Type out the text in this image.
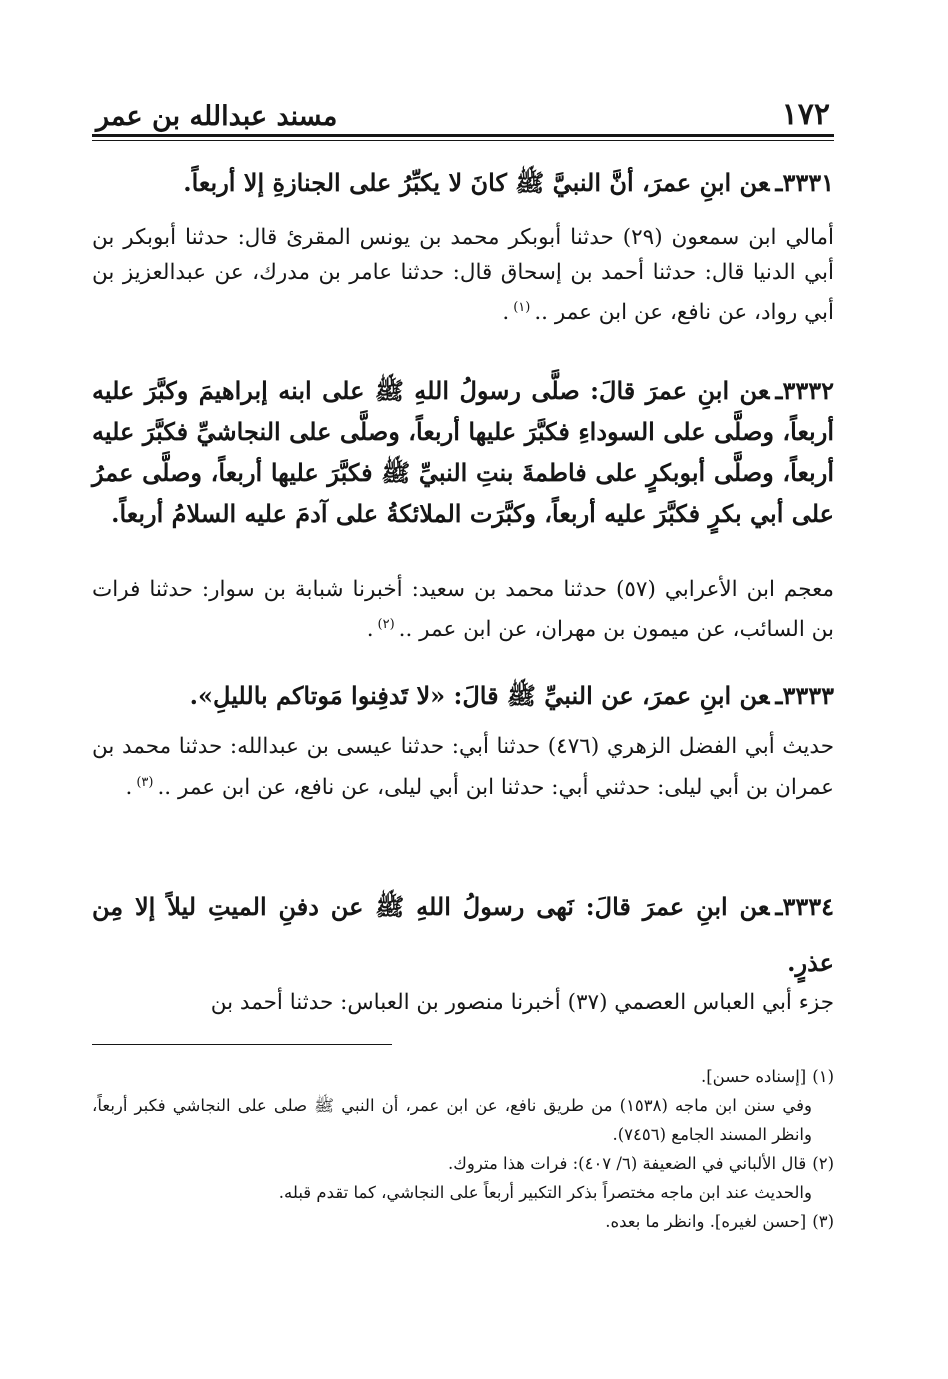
١٧٢
مسند عبدالله بن عمر

٣٣٣١ـعن ابنِ عمرَ، أنَّ النبيَّ ﷺ كانَ لا يكبِّرُ على الجنازةِ إلا أربعاً.

أمالي ابن سمعون (٢٩) حدثنا أبوبكر محمد بن يونس المقرئ قال: حدثنا أبوبكر بن أبي الدنيا قال: حدثنا أحمد بن إسحاق قال: حدثنا عامر بن مدرك، عن عبدالعزيز بن أبي رواد، عن نافع، عن ابن عمر ..$^{(١)}$.

٣٣٣٢ـعن ابنِ عمرَ قالَ: صلَّى رسولُ اللهِ ﷺ على ابنه إبراهيمَ وكبَّرَ عليه أربعاً، وصلَّى على السوداءِ فكبَّرَ عليها أربعاً، وصلَّى على النجاشيِّ فكبَّرَ عليه أربعاً، وصلَّى أبوبكرٍ على فاطمةَ بنتِ النبيِّ ﷺ فكبَّرَ عليها أربعاً، وصلَّى عمرُ على أبي بكرٍ فكبَّرَ عليه أربعاً، وكبَّرَت الملائكةُ على آدمَ عليه السلامُ أربعاً.

معجم ابن الأعرابي (٥٧) حدثنا محمد بن سعيد: أخبرنا شبابة بن سوار: حدثنا فرات بن السائب، عن ميمون بن مهران، عن ابن عمر ..$^{(٢)}$.

٣٣٣٣ـعن ابنِ عمرَ، عن النبيِّ ﷺ قالَ: «لا تَدفِنوا مَوتاكم بالليلِ».

حديث أبي الفضل الزهري (٤٧٦) حدثنا أبي: حدثنا عيسى بن عبدالله: حدثنا محمد بن عمران بن أبي ليلى: حدثني أبي: حدثنا ابن أبي ليلى، عن نافع، عن ابن عمر ..$^{(٣)}$.

٣٣٣٤ـعن ابنِ عمرَ قالَ: نَهى رسولُ اللهِ ﷺ عن دفنِ الميتِ ليلاً إلا مِن عذرٍ.

جزء أبي العباس العصمي (٣٧) أخبرنا منصور بن العباس: حدثنا أحمد بن

(١)[إسناده حسن].

وفي سنن ابن ماجه (١٥٣٨) من طريق نافع، عن ابن عمر، أن النبي ﷺ صلى على النجاشي فكبر أربعاً، وانظر المسند الجامع (٧٤٥٦).

(٢)قال الألباني في الضعيفة (٦/ ٤٠٧): فرات هذا متروك.

والحديث عند ابن ماجه مختصراً بذكر التكبير أربعاً على النجاشي، كما تقدم قبله.

(٣)[حسن لغيره]. وانظر ما بعده.
